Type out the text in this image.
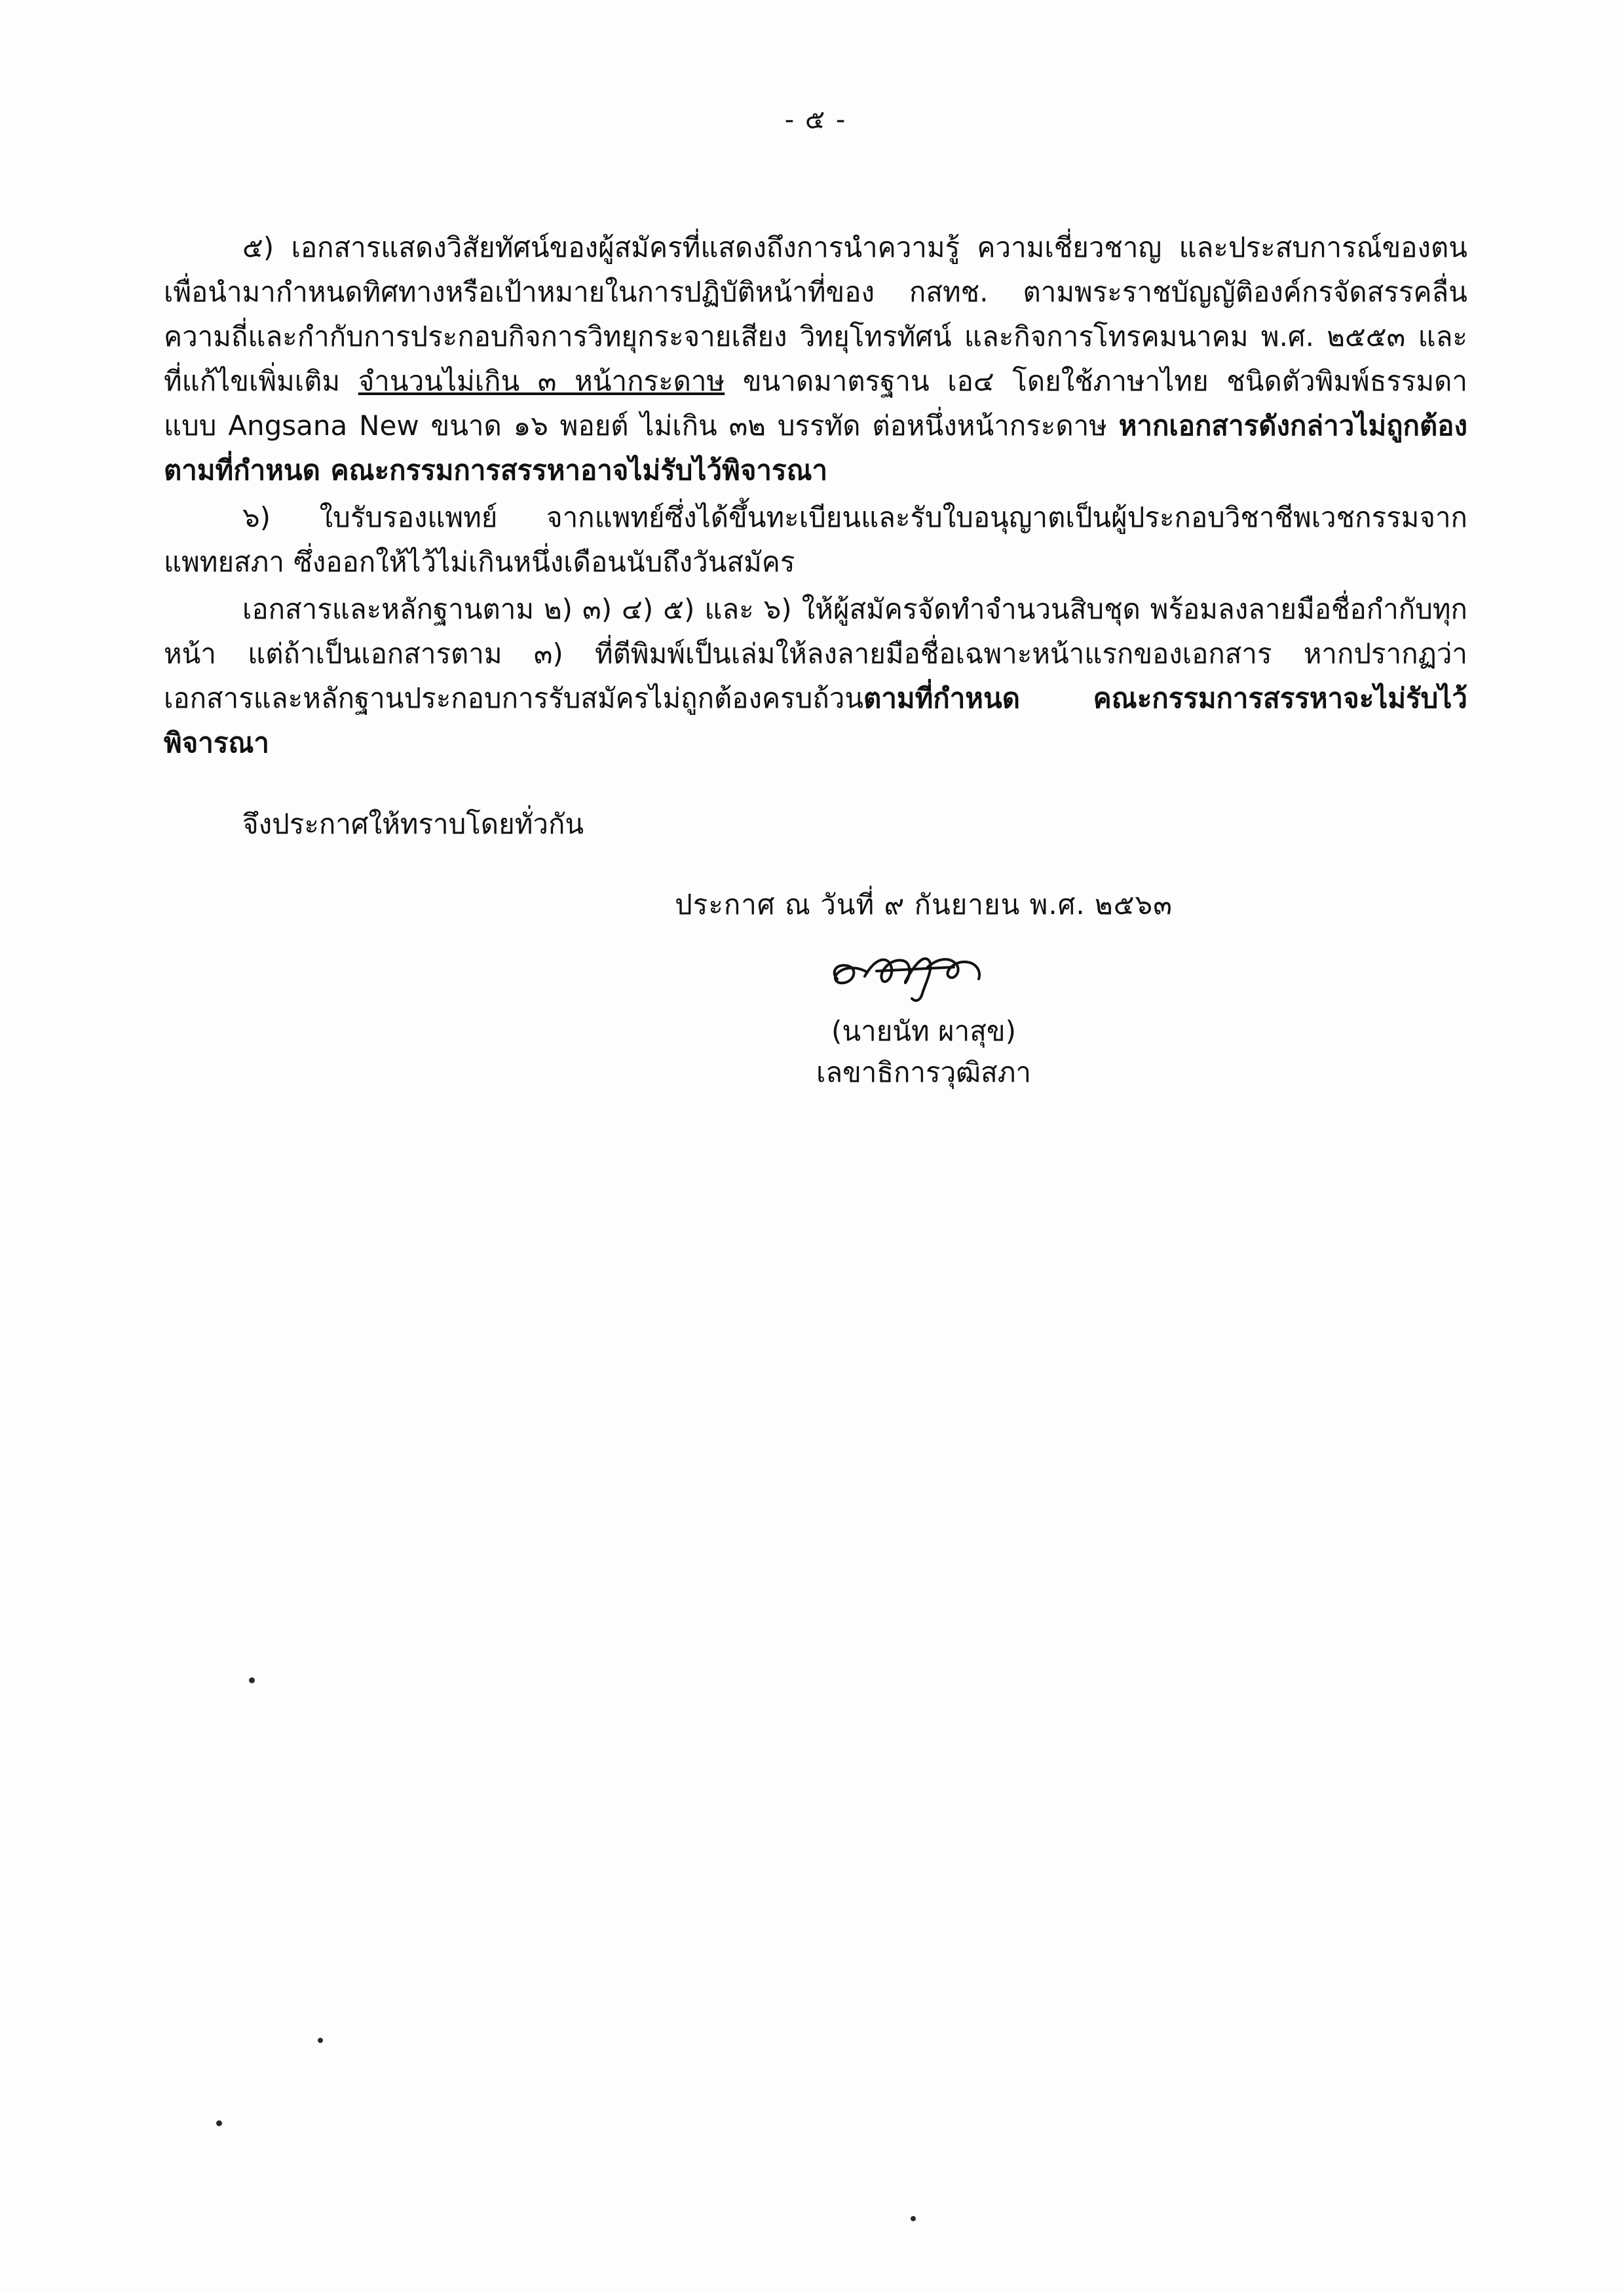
- ๕ -

๕) เอกสารแสดงวิสัยทัศน์ของผู้สมัครที่แสดงถึงการนำความรู้ ความเชี่ยวชาญ และประสบการณ์ของตนเพื่อนำมากำหนดทิศทางหรือเป้าหมายในการปฏิบัติหน้าที่ของ กสทช. ตามพระราชบัญญัติองค์กรจัดสรรคลื่นความถี่และกำกับการประกอบกิจการวิทยุกระจายเสียง วิทยุโทรทัศน์ และกิจการโทรคมนาคม พ.ศ. ๒๕๕๓ และที่แก้ไขเพิ่มเติม จำนวนไม่เกิน ๓ หน้ากระดาษ ขนาดมาตรฐาน เอ๔ โดยใช้ภาษาไทย ชนิดตัวพิมพ์ธรรมดา แบบ Angsana New ขนาด ๑๖ พอยต์ ไม่เกิน ๓๒ บรรทัด ต่อหนึ่งหน้ากระดาษ หากเอกสารดังกล่าวไม่ถูกต้องตามที่กำหนด คณะกรรมการสรรหาอาจไม่รับไว้พิจารณา

๖) ใบรับรองแพทย์ จากแพทย์ซึ่งได้ขึ้นทะเบียนและรับใบอนุญาตเป็นผู้ประกอบวิชาชีพเวชกรรมจากแพทยสภา ซึ่งออกให้ไว้ไม่เกินหนึ่งเดือนนับถึงวันสมัคร

เอกสารและหลักฐานตาม ๒) ๓) ๔) ๕) และ ๖) ให้ผู้สมัครจัดทำจำนวนสิบชุด พร้อมลงลายมือชื่อกำกับทุกหน้า แต่ถ้าเป็นเอกสารตาม ๓) ที่ตีพิมพ์เป็นเล่มให้ลงลายมือชื่อเฉพาะหน้าแรกของเอกสาร หากปรากฏว่าเอกสารและหลักฐานประกอบการรับสมัครไม่ถูกต้องครบถ้วนตามที่กำหนด คณะกรรมการสรรหาจะไม่รับไว้พิจารณา

จึงประกาศให้ทราบโดยทั่วกัน
ประกาศ ณ วันที่ ๙ กันยายน พ.ศ. ๒๕๖๓
(นายนัท ผาสุข)
เลขาธิการวุฒิสภา
